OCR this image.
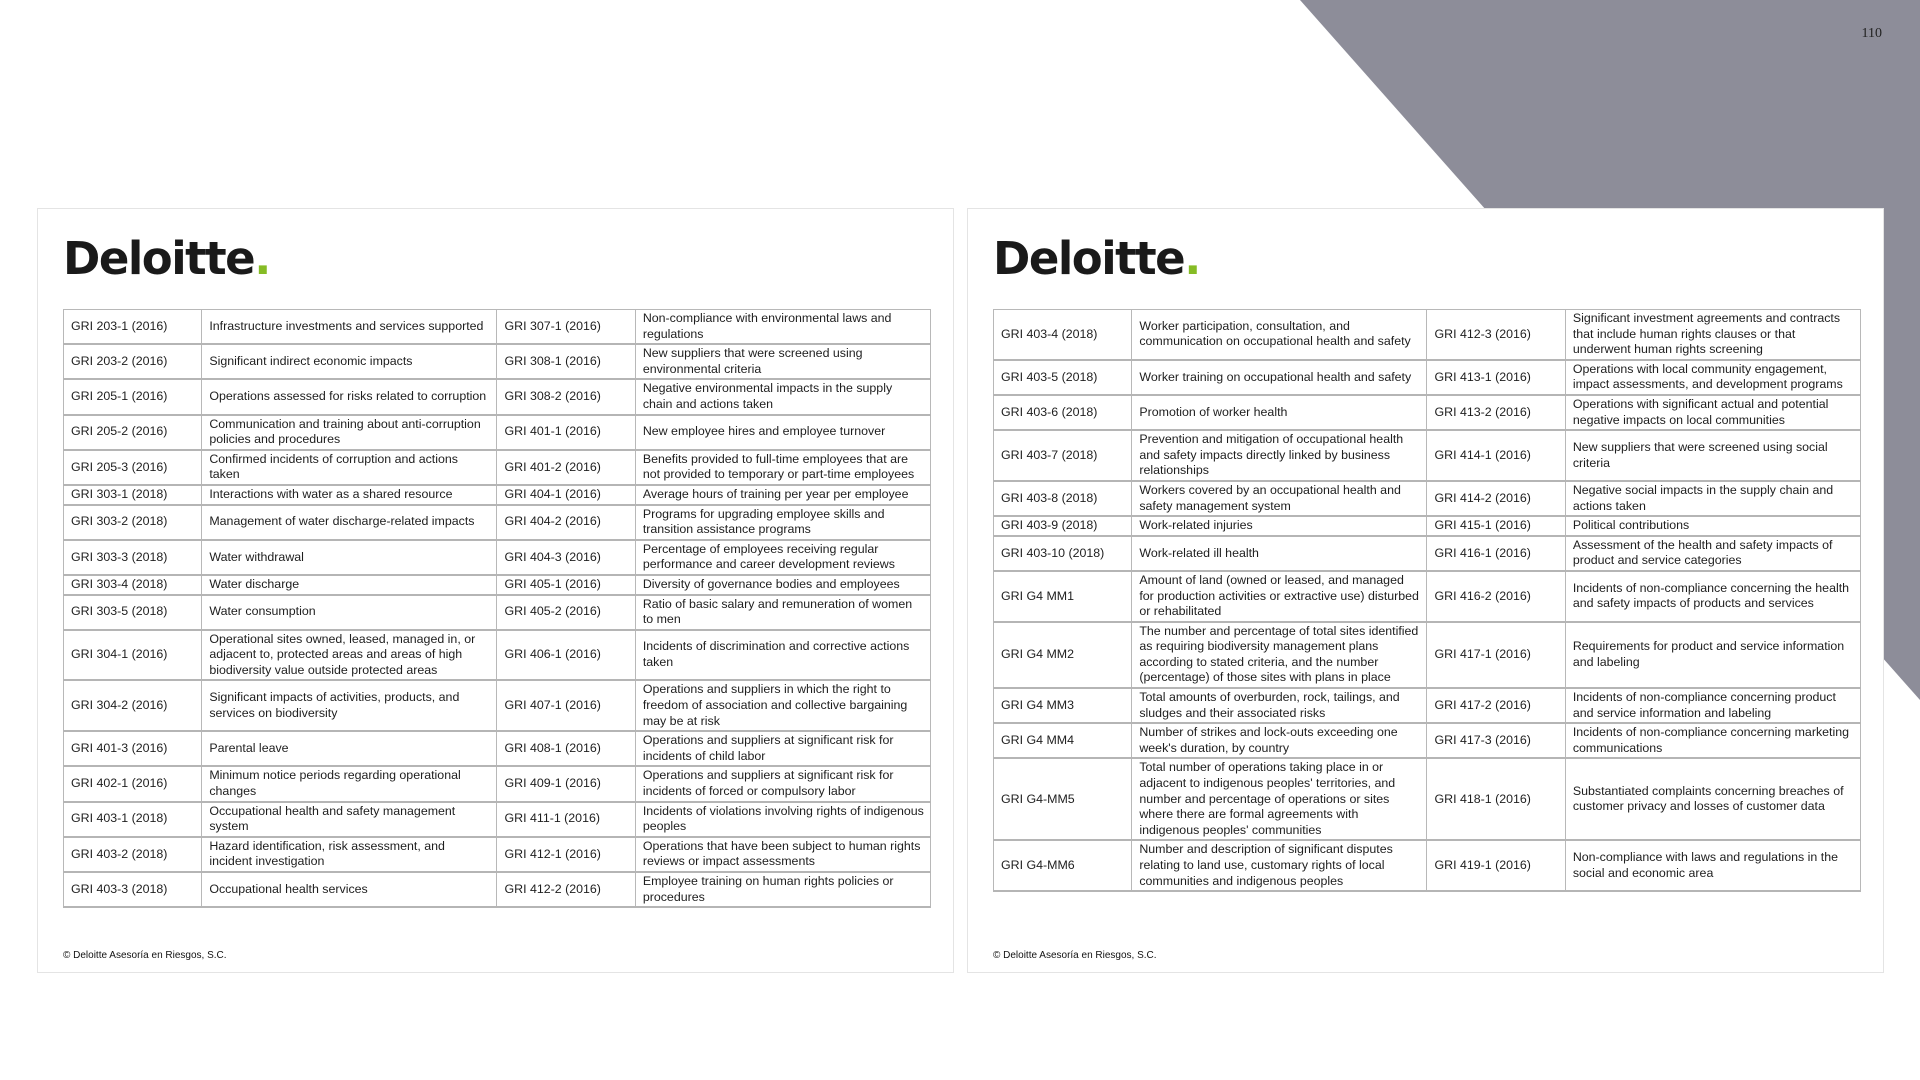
110
Deloitte.
GRI 203-1 (2016)	Infrastructure investments and services supported	GRI 307-1 (2016)	Non-compliance with environmental laws and regulations
GRI 203-2 (2016)	Significant indirect economic impacts	GRI 308-1 (2016)	New suppliers that were screened using environmental criteria
GRI 205-1 (2016)	Operations assessed for risks related to corruption	GRI 308-2 (2016)	Negative environmental impacts in the supply chain and actions taken
GRI 205-2 (2016)	Communication and training about anti-corruption policies and procedures	GRI 401-1 (2016)	New employee hires and employee turnover
GRI 205-3 (2016)	Confirmed incidents of corruption and actions taken	GRI 401-2 (2016)	Benefits provided to full-time employees that are not provided to temporary or part-time employees
GRI 303-1 (2018)	Interactions with water as a shared resource	GRI 404-1 (2016)	Average hours of training per year per employee
GRI 303-2 (2018)	Management of water discharge-related impacts	GRI 404-2 (2016)	Programs for upgrading employee skills and transition assistance programs
GRI 303-3 (2018)	Water withdrawal	GRI 404-3 (2016)	Percentage of employees receiving regular performance and career development reviews
GRI 303-4 (2018)	Water discharge	GRI 405-1 (2016)	Diversity of governance bodies and employees
GRI 303-5 (2018)	Water consumption	GRI 405-2 (2016)	Ratio of basic salary and remuneration of women to men
GRI 304-1 (2016)	Operational sites owned, leased, managed in, or adjacent to, protected areas and areas of high biodiversity value outside protected areas	GRI 406-1 (2016)	Incidents of discrimination and corrective actions taken
GRI 304-2 (2016)	Significant impacts of activities, products, and services on biodiversity	GRI 407-1 (2016)	Operations and suppliers in which the right to freedom of association and collective bargaining may be at risk
GRI 401-3 (2016)	Parental leave	GRI 408-1 (2016)	Operations and suppliers at significant risk for incidents of child labor
GRI 402-1 (2016)	Minimum notice periods regarding operational changes	GRI 409-1 (2016)	Operations and suppliers at significant risk for incidents of forced or compulsory labor
GRI 403-1 (2018)	Occupational health and safety management system	GRI 411-1 (2016)	Incidents of violations involving rights of indigenous peoples
GRI 403-2 (2018)	Hazard identification, risk assessment, and incident investigation	GRI 412-1 (2016)	Operations that have been subject to human rights reviews or impact assessments
GRI 403-3 (2018)	Occupational health services	GRI 412-2 (2016)	Employee training on human rights policies or procedures
© Deloitte Asesoría en Riesgos, S.C.
Deloitte.
GRI 403-4 (2018)	Worker participation, consultation, and communication on occupational health and safety	GRI 412-3 (2016)	Significant investment agreements and contracts that include human rights clauses or that underwent human rights screening
GRI 403-5 (2018)	Worker training on occupational health and safety	GRI 413-1 (2016)	Operations with local community engagement, impact assessments, and development programs
GRI 403-6 (2018)	Promotion of worker health	GRI 413-2 (2016)	Operations with significant actual and potential negative impacts on local communities
GRI 403-7 (2018)	Prevention and mitigation of occupational health and safety impacts directly linked by business relationships	GRI 414-1 (2016)	New suppliers that were screened using social criteria
GRI 403-8 (2018)	Workers covered by an occupational health and safety management system	GRI 414-2 (2016)	Negative social impacts in the supply chain and actions taken
GRI 403-9 (2018)	Work-related injuries	GRI 415-1 (2016)	Political contributions
GRI 403-10 (2018)	Work-related ill health	GRI 416-1 (2016)	Assessment of the health and safety impacts of product and service categories
GRI G4 MM1	Amount of land (owned or leased, and managed for production activities or extractive use) disturbed or rehabilitated	GRI 416-2 (2016)	Incidents of non-compliance concerning the health and safety impacts of products and services
GRI G4 MM2	The number and percentage of total sites identified as requiring biodiversity management plans according to stated criteria, and the number (percentage) of those sites with plans in place	GRI 417-1 (2016)	Requirements for product and service information and labeling
GRI G4 MM3	Total amounts of overburden, rock, tailings, and sludges and their associated risks	GRI 417-2 (2016)	Incidents of non-compliance concerning product and service information and labeling
GRI G4 MM4	Number of strikes and lock-outs exceeding one week's duration, by country	GRI 417-3 (2016)	Incidents of non-compliance concerning marketing communications
GRI G4-MM5	Total number of operations taking place in or adjacent to indigenous peoples' territories, and number and percentage of operations or sites where there are formal agreements with indigenous peoples' communities	GRI 418-1 (2016)	Substantiated complaints concerning breaches of customer privacy and losses of customer data
GRI G4-MM6	Number and description of significant disputes relating to land use, customary rights of local communities and indigenous peoples	GRI 419-1 (2016)	Non-compliance with laws and regulations in the social and economic area
© Deloitte Asesoría en Riesgos, S.C.
